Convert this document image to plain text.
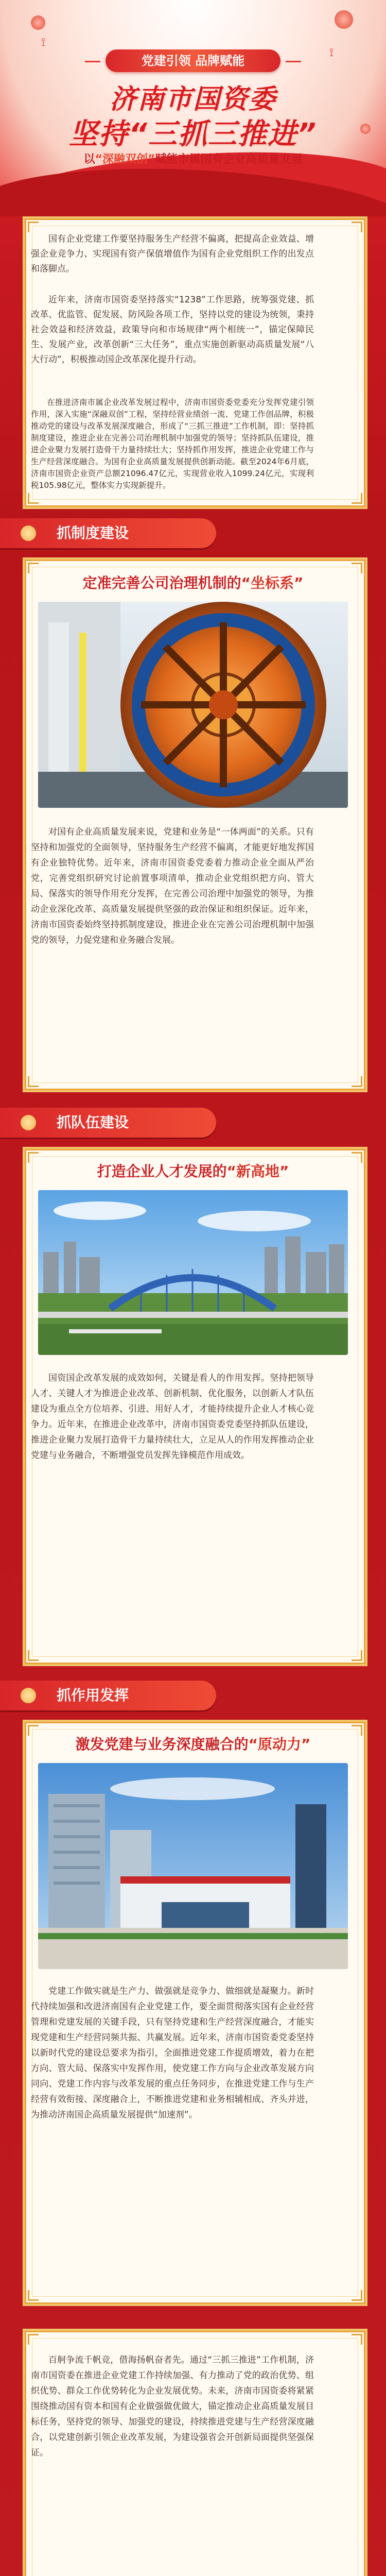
⟟
⟟
党建引领 品牌赋能
济南市国资委
坚持“三抓三推进”
以“深融双创”赋能市属国有企业高质量发展

国有企业党建工作要坚持服务生产经营不偏离，把提高企业效益、增强企业竞争力、实现国有资产保值增值作为国有企业党组织工作的出发点和落脚点。

近年来，济南市国资委坚持落实“1238”工作思路，统筹强党建、抓改革、优监管、促发展、防风险各项工作，坚持以党的建设为统领，秉持社会效益和经济效益，政策导向和市场规律“两个相统一”，锚定保障民生、发展产业，改革创新“三大任务”，重点实施创新驱动高质量发展“八大行动”，积极推动国企改革深化提升行动。

在推进济南市属企业改革发展过程中，济南市国资委党委充分发挥党建引领作用，深入实施“深融双创”工程，坚持经营业绩创一流、党建工作创品牌，积极推动党的建设与改革发展深度融合，形成了“三抓三推进”工作机制，即：坚持抓制度建设，推进企业在完善公司治理机制中加强党的领导；坚持抓队伍建设，推进企业聚力发展打造骨干力量持续壮大；坚持抓作用发挥，推进企业党建工作与生产经营深度融合。为国有企业高质量发展提供创新动能。截至2024年6月底，济南市国资企业资产总额21096.47亿元，实现营业收入1099.24亿元，实现利税105.98亿元，整体实力实现新提升。

抓制度建设
定准完善公司治理机制的“坐标系”

对国有企业高质量发展来说，党建和业务是“一体两面”的关系。只有坚持和加强党的全面领导，坚持服务生产经营不偏离，才能更好地发挥国有企业独特优势。近年来，济南市国资委党委着力推动企业全面从严治党，完善党组织研究讨论前置事项清单，推动企业党组织把方向、管大局、保落实的领导作用充分发挥，在完善公司治理中加强党的领导，为推动企业深化改革、高质量发展提供坚强的政治保证和组织保证。近年来，济南市国资委始终坚持抓制度建设，推进企业在完善公司治理机制中加强党的领导，力促党建和业务融合发展。

抓队伍建设
打造企业人才发展的“新高地”

国资国企改革发展的成效如何，关键是看人的作用发挥。坚持把领导人才、关键人才为推进企业改革、创新机制、优化服务，以创新人才队伍建设为重点全方位培养、引进、用好人才，才能持续提升企业人才核心竞争力。近年来，在推进企业改革中，济南市国资委党委坚持抓队伍建设，推进企业聚力发展打造骨干力量持续壮大，立足从人的作用发挥推动企业党建与业务融合，不断增强党员发挥先锋模范作用成效。

抓作用发挥
激发党建与业务深度融合的“原动力”

党建工作做实就是生产力、做强就是竞争力、做细就是凝聚力。新时代持续加强和改进济南国有企业党建工作，要全面贯彻落实国有企业经营管理和党建发展的关键手段，只有坚持党建和生产经营深度融合，才能实现党建和生产经营同频共振、共赢发展。近年来，济南市国资委党委坚持以新时代党的建设总要求为指引，全面推进党建工作提质增效，着力在把方向、管大局、保落实中发挥作用，使党建工作方向与企业改革发展方向同向、党建工作内容与改革发展的重点任务同步，在推进党建工作与生产经营有效衔接、深度融合上，不断推进党建和业务相辅相成、齐头并进，为推动济南国企高质量发展提供“加速剂”。

百舸争流千帆竞，借海扬帆奋者先。通过“三抓三推进”工作机制，济南市国资委在推进企业党建工作持续加强、有力推动了党的政治优势、组织优势、群众工作优势转化为企业发展优势。未来，济南市国资委将紧紧围绕推动国有资本和国有企业做强做优做大，锚定推动企业高质量发展目标任务，坚持党的领导、加强党的建设，持续推进党建与生产经营深度融合，以党建创新引领企业改革发展，为建设强省会开创新局面提供坚强保证。
